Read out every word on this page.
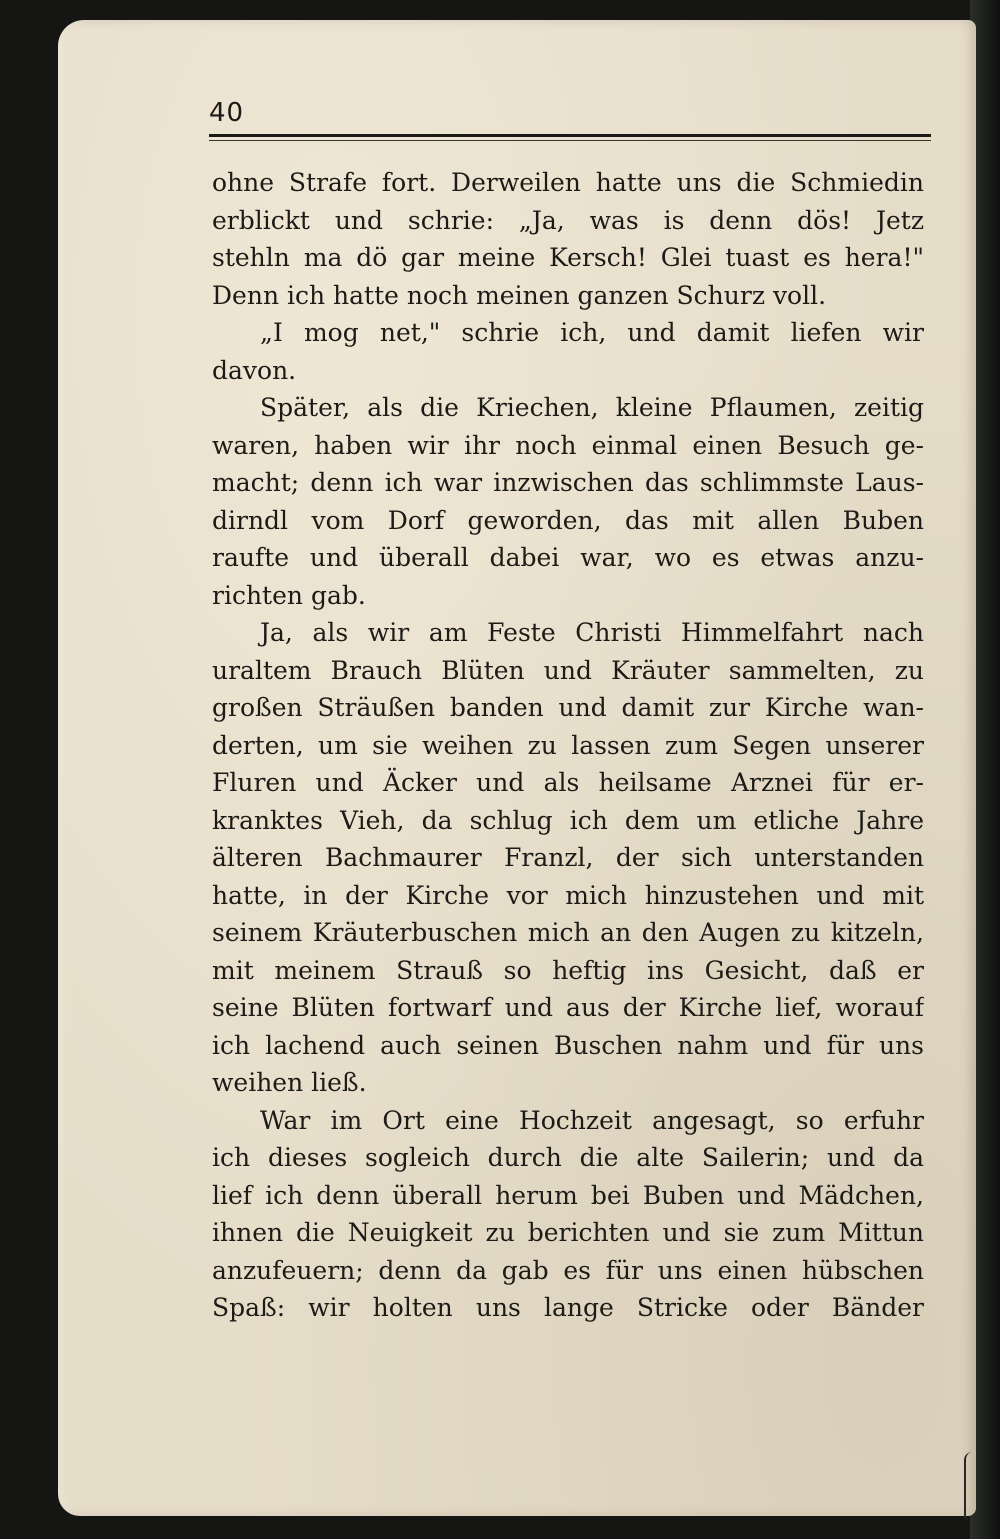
40
ohne Strafe fort. Derweilen hatte uns die Schmiedin
erblickt und schrie: „Ja, was is denn dös! Jetz
stehln ma dö gar meine Kersch! Glei tuast es hera!"
Denn ich hatte noch meinen ganzen Schurz voll.
„I mog net," schrie ich, und damit liefen wir
davon.
Später, als die Kriechen, kleine Pflaumen, zeitig
waren, haben wir ihr noch einmal einen Besuch ge-
macht; denn ich war inzwischen das schlimmste Laus-
dirndl vom Dorf geworden, das mit allen Buben
raufte und überall dabei war, wo es etwas anzu-
richten gab.
Ja, als wir am Feste Christi Himmelfahrt nach
uraltem Brauch Blüten und Kräuter sammelten, zu
großen Sträußen banden und damit zur Kirche wan-
derten, um sie weihen zu lassen zum Segen unserer
Fluren und Äcker und als heilsame Arznei für er-
kranktes Vieh, da schlug ich dem um etliche Jahre
älteren Bachmaurer Franzl, der sich unterstanden
hatte, in der Kirche vor mich hinzustehen und mit
seinem Kräuterbuschen mich an den Augen zu kitzeln,
mit meinem Strauß so heftig ins Gesicht, daß er
seine Blüten fortwarf und aus der Kirche lief, worauf
ich lachend auch seinen Buschen nahm und für uns
weihen ließ.
War im Ort eine Hochzeit angesagt, so erfuhr
ich dieses sogleich durch die alte Sailerin; und da
lief ich denn überall herum bei Buben und Mädchen,
ihnen die Neuigkeit zu berichten und sie zum Mittun
anzufeuern; denn da gab es für uns einen hübschen
Spaß: wir holten uns lange Stricke oder Bänder
